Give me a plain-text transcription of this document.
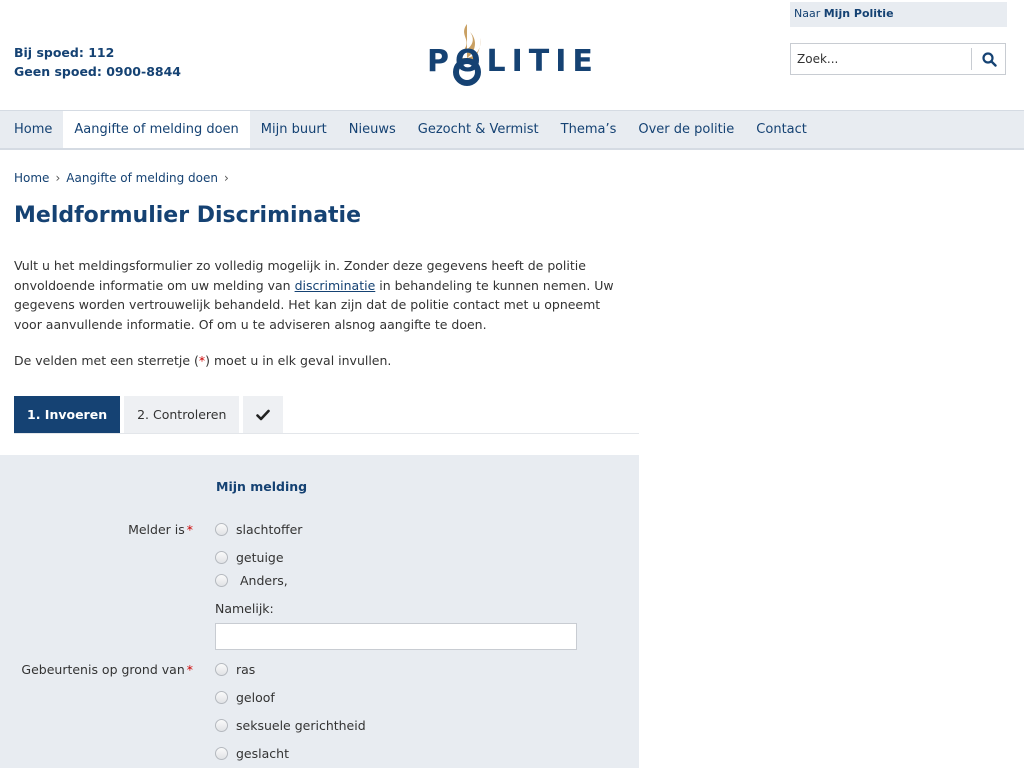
Bij spoed: 112
Geen spoed: 0900-8844	POLITIE
Naar Mijn Politie
Zoek...
Home	Aangifte of melding doen	Mijn buurt	Nieuws	Gezocht & Vermist	Thema’s	Over de politie	Contact
Home › Aangifte of melding doen ›
Meldformulier Discriminatie

Vult u het meldingsformulier zo volledig mogelijk in. Zonder deze gegevens heeft de politie onvoldoende informatie om uw melding van discriminatie in behandeling te kunnen nemen. Uw gegevens worden vertrouwelijk behandeld. Het kan zijn dat de politie contact met u opneemt voor aanvullende informatie. Of om u te adviseren alsnog aangifte te doen.

De velden met een sterretje (*) moet u in elk geval invullen.

1. Invoeren	2. Controleren
Mijn melding
Melder is *	slachtoffer
getuige
Anders,
Namelijk:
Gebeurtenis op grond van *	ras
geloof
seksuele gerichtheid
geslacht
